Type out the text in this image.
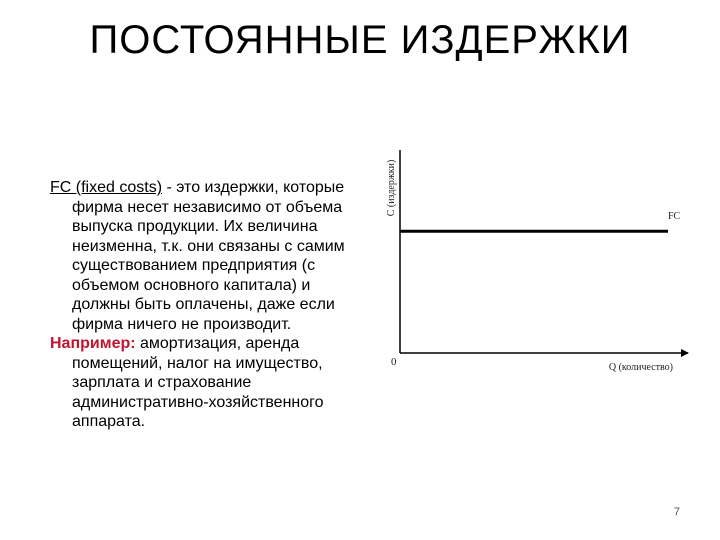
ПОСТОЯННЫЕ ИЗДЕРЖКИ

FC (fixed costs) - это издержки, которые фирма несет независимо от объема выпуска продукции. Их величина неизменна, т.к. они связаны с самим существованием предприятия (с объемом основного капитала) и должны быть оплачены, даже если фирма ничего не производит.

Например: амортизация, аренда помещений, налог на имущество, зарплата и страхование административно-хозяйственного аппарата.

FC
0	Q (количество)
С (издержки)
7
